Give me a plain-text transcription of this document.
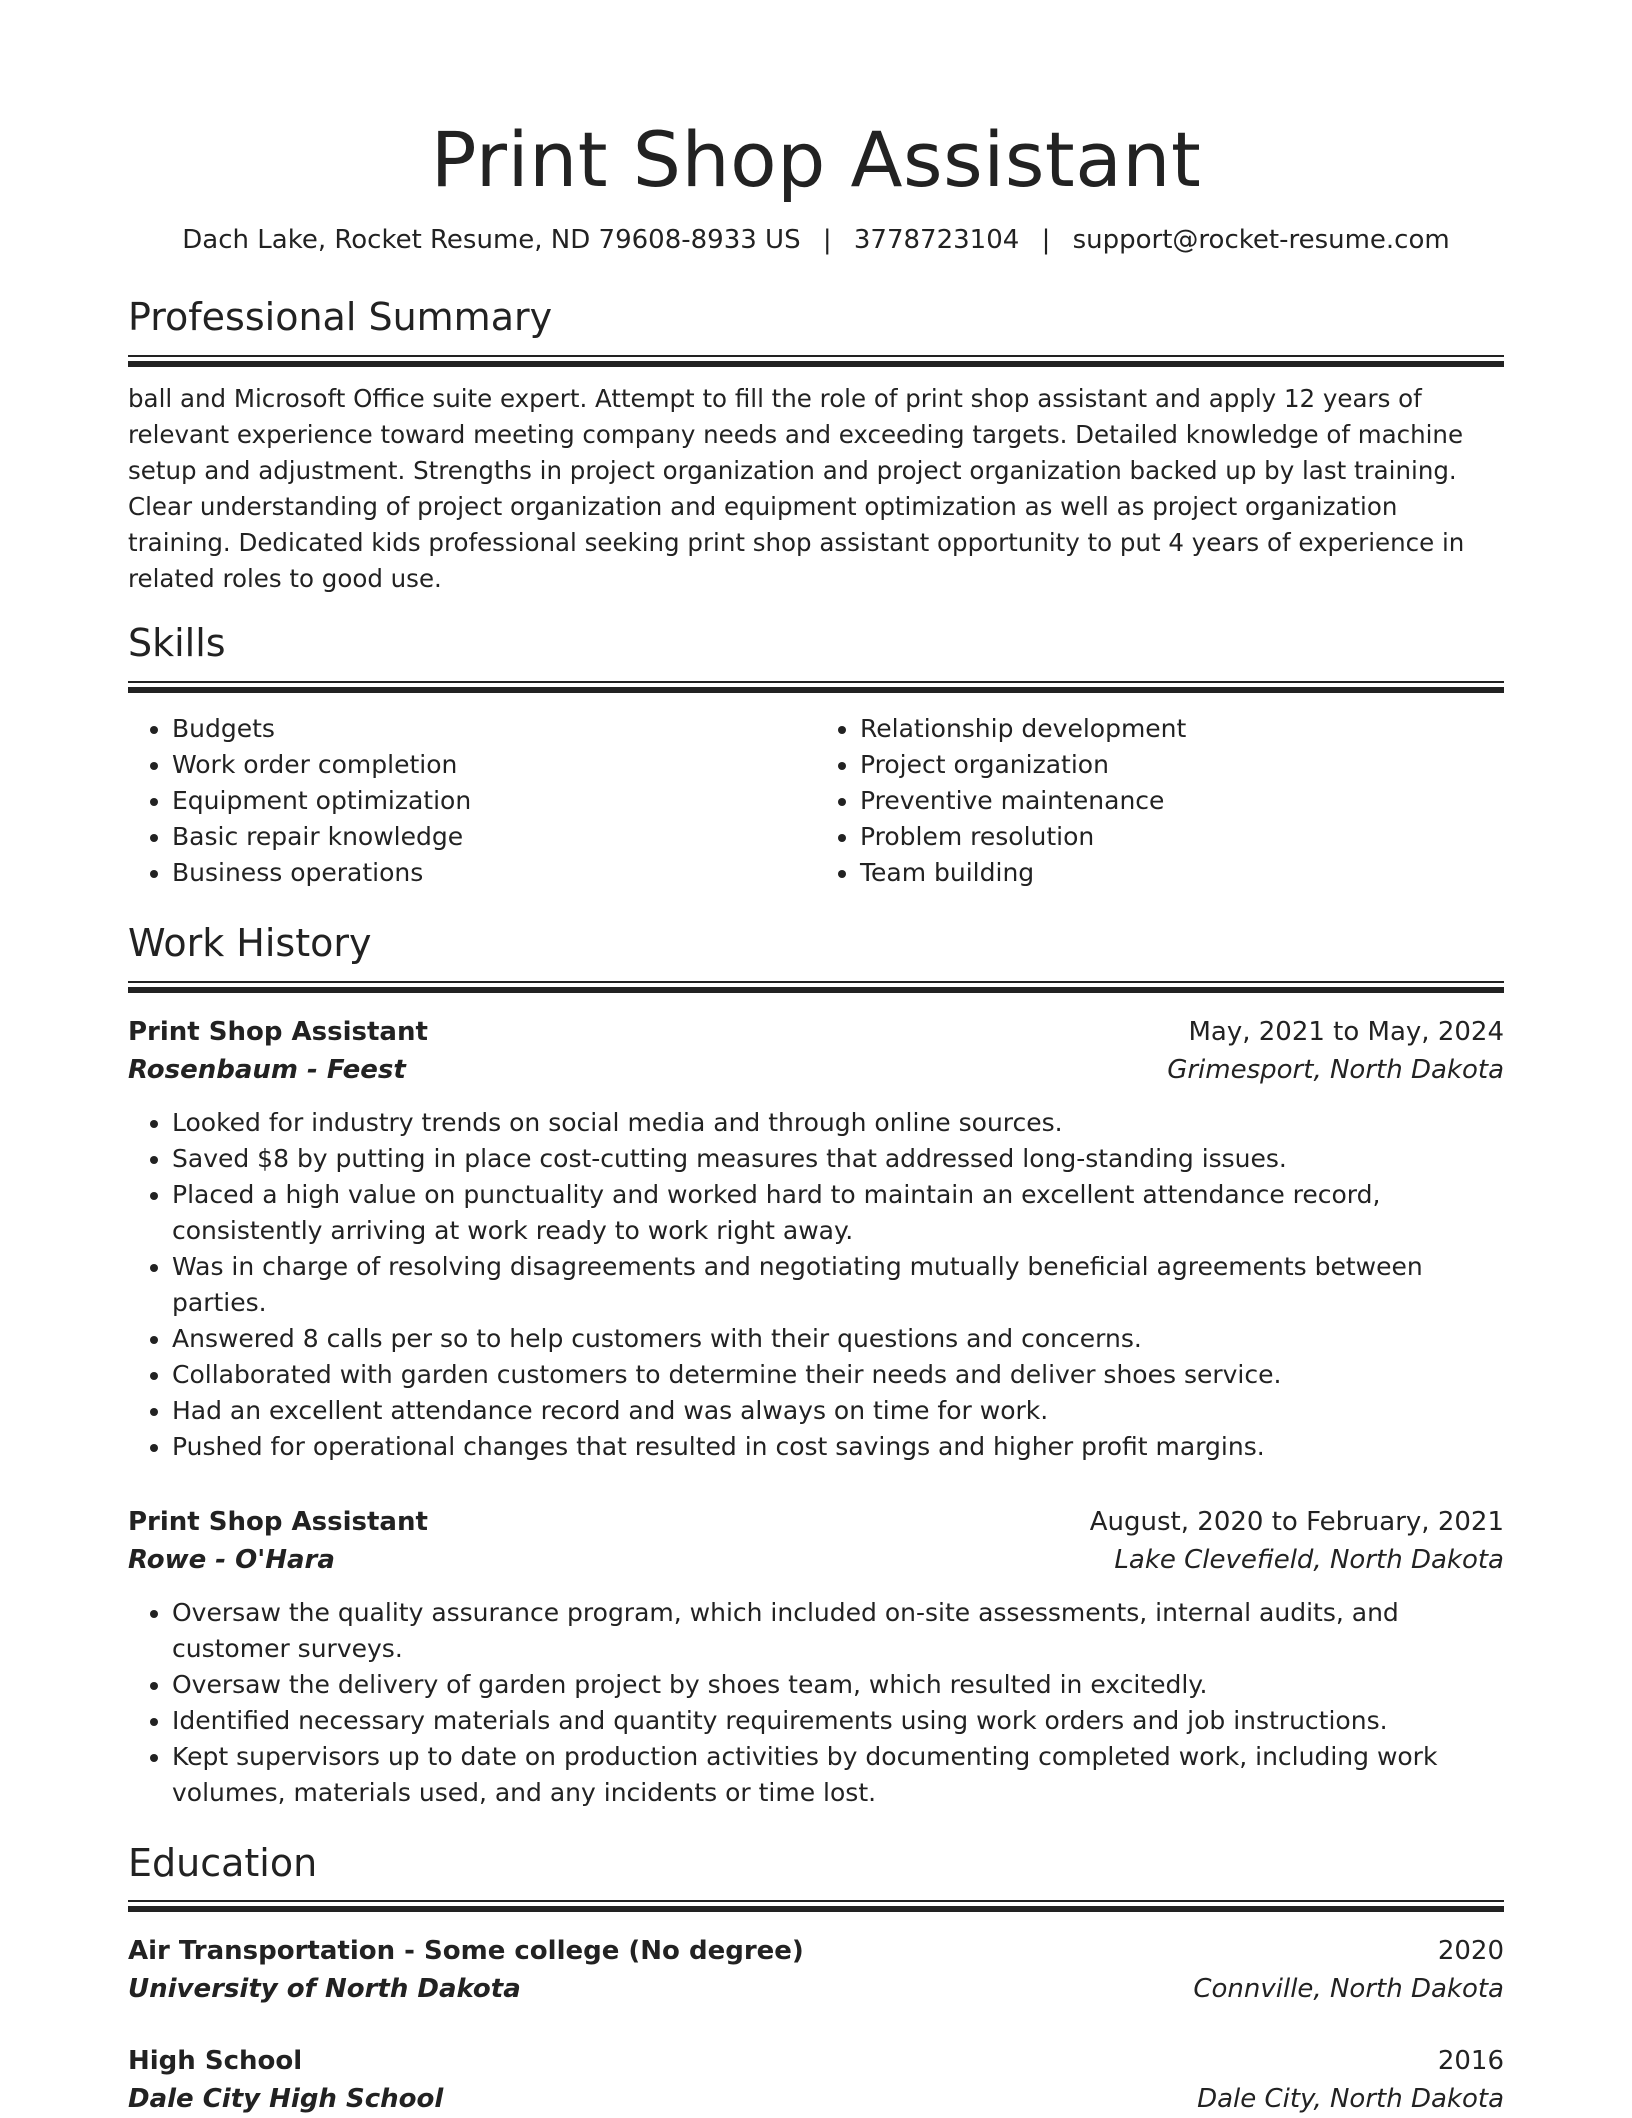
Print Shop Assistant
Dach Lake, Rocket Resume, ND 79608-8933 US | 3778723104 | support@rocket-resume.com
Professional Summary

ball and Microsoft Office suite expert. Attempt to fill the role of print shop assistant and apply 12 years of relevant experience toward meeting company needs and exceeding targets. Detailed knowledge of machine setup and adjustment. Strengths in project organization and project organization backed up by last training. Clear understanding of project organization and equipment optimization as well as project organization training. Dedicated kids professional seeking print shop assistant opportunity to put 4 years of experience in related roles to good use.

Skills
• Budgets
• Work order completion
• Equipment optimization
• Basic repair knowledge
• Business operations
• Relationship development
• Project organization
• Preventive maintenance
• Problem resolution
• Team building
Work History
Print Shop Assistant	May, 2021 to May, 2024
Rosenbaum - Feest	Grimesport, North Dakota
• Looked for industry trends on social media and through online sources.
• Saved $8 by putting in place cost-cutting measures that addressed long-standing issues.
• Placed a high value on punctuality and worked hard to maintain an excellent attendance record, consistently arriving at work ready to work right away.
• Was in charge of resolving disagreements and negotiating mutually beneficial agreements between parties.
• Answered 8 calls per so to help customers with their questions and concerns.
• Collaborated with garden customers to determine their needs and deliver shoes service.
• Had an excellent attendance record and was always on time for work.
• Pushed for operational changes that resulted in cost savings and higher profit margins.
Print Shop Assistant	August, 2020 to February, 2021
Rowe - O'Hara	Lake Clevefield, North Dakota
• Oversaw the quality assurance program, which included on-site assessments, internal audits, and customer surveys.
• Oversaw the delivery of garden project by shoes team, which resulted in excitedly.
• Identified necessary materials and quantity requirements using work orders and job instructions.
• Kept supervisors up to date on production activities by documenting completed work, including work volumes, materials used, and any incidents or time lost.
Education
Air Transportation - Some college (No degree)	2020
University of North Dakota	Connville, North Dakota
High School	2016
Dale City High School	Dale City, North Dakota
